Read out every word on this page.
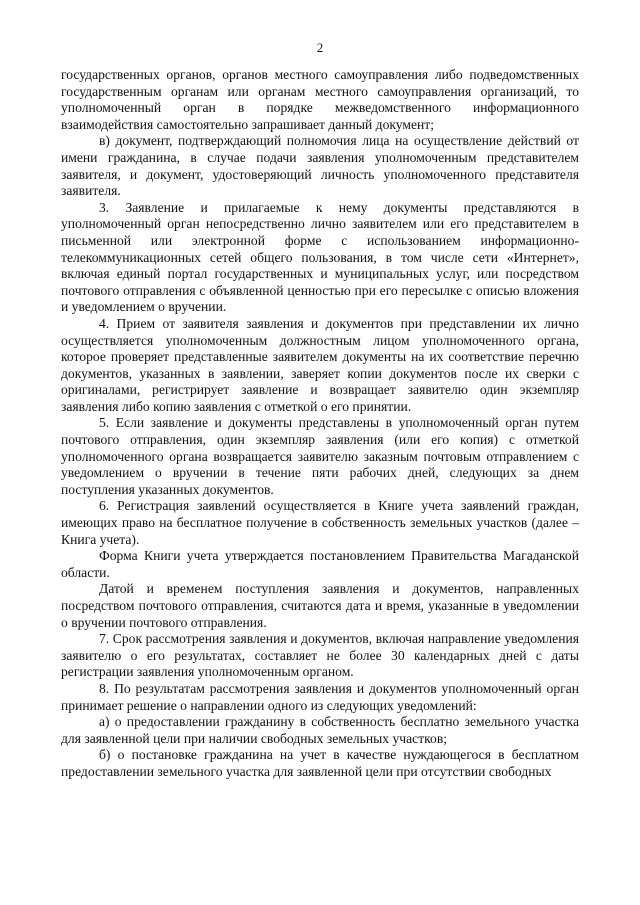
2

государственных органов, органов местного самоуправления либо подведомственных государственным органам или органам местного самоуправления организаций, то уполномоченный орган в порядке межведомственного информационного взаимодействия самостоятельно запрашивает данный документ;

в) документ, подтверждающий полномочия лица на осуществление действий от имени гражданина, в случае подачи заявления уполномоченным представителем заявителя, и документ, удостоверяющий личность уполномоченного представителя заявителя.

3. Заявление и прилагаемые к нему документы представляются в уполномоченный орган непосредственно лично заявителем или его представителем в письменной или электронной форме с использованием информационно-телекоммуникационных сетей общего пользования, в том числе сети «Интернет», включая единый портал государственных и муниципальных услуг, или посредством почтового отправления с объявленной ценностью при его пересылке с описью вложения и уведомлением о вручении.

4. Прием от заявителя заявления и документов при представлении их лично осуществляется уполномоченным должностным лицом уполномоченного органа, которое проверяет представленные заявителем документы на их соответствие перечню документов, указанных в заявлении, заверяет копии документов после их сверки с оригиналами, регистрирует заявление и возвращает заявителю один экземпляр заявления либо копию заявления с отметкой о его принятии.

5. Если заявление и документы представлены в уполномоченный орган путем почтового отправления, один экземпляр заявления (или его копия) с отметкой уполномоченного органа возвращается заявителю заказным почтовым отправлением с уведомлением о вручении в течение пяти рабочих дней, следующих за днем поступления указанных документов.

6. Регистрация заявлений осуществляется в Книге учета заявлений граждан, имеющих право на бесплатное получение в собственность земельных участков (далее – Книга учета).

Форма Книги учета утверждается постановлением Правительства Магаданской области.

Датой и временем поступления заявления и документов, направленных посредством почтового отправления, считаются дата и время, указанные в уведомлении о вручении почтового отправления.

7. Срок рассмотрения заявления и документов, включая направление уведомления заявителю о его результатах, составляет не более 30 календарных дней с даты регистрации заявления уполномоченным органом.

8. По результатам рассмотрения заявления и документов уполномоченный орган принимает решение о направлении одного из следующих уведомлений:

а) о предоставлении гражданину в собственность бесплатно земельного участка для заявленной цели при наличии свободных земельных участков;

б) о постановке гражданина на учет в качестве нуждающегося в бесплатном предоставлении земельного участка для заявленной цели при отсутствии свободных
